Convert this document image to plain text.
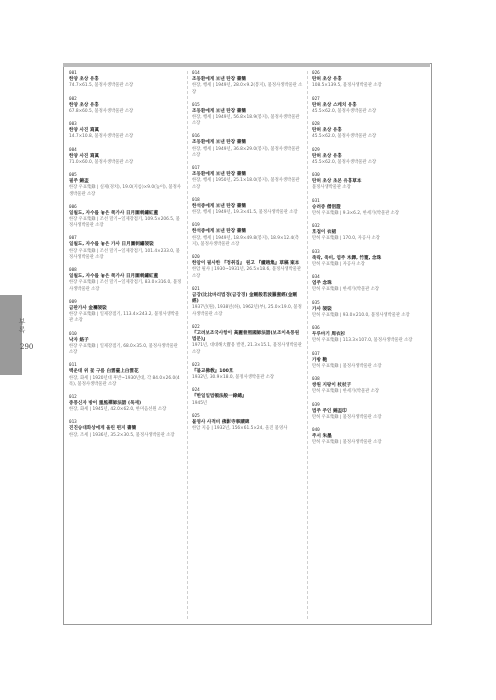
부록
290
001
한양 초상 유홍
74.7×61.5, 불정사생박물관 소장
002
한양 초상 유홍
67.8×60.5, 불정사생박물관 소장
003
한양 사진 寫眞
14.7×10.8, 불정사생박물관 소장
004
한양 사진 寫眞
71.0×60.0, 불정사생박물관 소장
005
필주 錦盃
한장 우표集錄 | 실제(경치), 19.0(지름)×9.0(높이), 불정사생박물관 소장
006
일월도, 자수를 놓은 쪽가사 日月圖刺繡紅蓋
한장 우표集錄 | 조선 말기~일제강점기, 109.5×206.5, 불정사생박물관 소장
007
일월도, 자수를 놓은 가사 日月圖刺繡袈裟
한장 우표集錄 | 조선 말기~일제강점기, 101.4×233.0, 불정사생박물관 소장
008
일월도, 자수를 놓은 쪽가사 日月圖刺繡紅蓋
한장 우표集錄 | 조선 말기~일제강점기, 83.0×316.0, 불정사생박물관 소장
009
금판가사 金襴袈裟
한장 우표集錄 | 일제강점기, 113.4×243.2, 불정사생박물관 소장
010
낙자 絡子
한장 우표集錄 | 일제강점기, 68.0×35.0, 불정사생박물관 소장
011
백운대 위 꽃 구름 白雲臺上白雲花
한장, 화세 | 1920년대 후반~1930년대, 각 84.0×26.0(4폭), 불정사생박물관 소장
012
중풍신자 방어 重風禪師法語 (목재)
한장, 화세 | 1945년, 42.0×62.0, 한미음선원 소장
013
진진승대화상에게 올린 편지 書簡
한장, 조세 | 1936년, 35.2×30.5, 불정사생박물관 소장
014
조동환에게 보낸 탄장 書簡
한장, 행세 | 1949년, 28.0×9.2(봉지), 불정사생박물관 소장
015
조동환에게 보낸 탄장 書簡
한장, 행세 | 1949년, 56.8×18.9(봉지), 불정사생박물관 소장
016
조동환에게 보낸 탄장 書簡
한장, 행세 | 1949년, 36.8×29.0(봉지), 불정사생박물관 소장
017
조동환에게 보낸 탄장 書簡
한장, 행세 | 1950년, 25.1×18.0(봉지), 불정사생박물관 소장
018
한석중에게 보낸 탄장 書簡
한장, 행세 | 1949년, 19.3×41.5, 불정사생박물관 소장
019
한석중에게 보낸 탄장 書簡
한장, 행세 | 1949년, 18.9×49.8(봉지), 18.9×12.4(측지), 불정사생박물관 소장
020
한암이 필사한 『정취집』 원고 『續趙集』草稿 案本
한암 필사 | 1930~1931년, 26.5×18.6, 불정사생박물관 소장
021
금강(比比바리법경(금강경) 金剛般若波羅蜜經(金剛經)
1937년(원), 1938년(하), 1962년(부), 25.0×19.0, 불정사생박물관 소장
022
『고려보조국사항이 高麗普照國師法語(보조이옥풍원법문)』
1971년, 대대해大寶용 발전, 21.3×15.1, 불정사생박물관 소장
023
『불교佛敎』100호
1932년, 30.9×18.0, 불정사생박물관 소장
024
『한일일법頓法般一錄總』
1945년
025
불영사 사적비 佛影寺事蹟碑
한암 지음 | 1932년, 156×61.5×24, 울진 불영사
026
탄허 초상 유홍
108.5×139.5, 불정사생박물관 소장
027
탄허 초상 스케치 유홍
45.5×62.0, 불정사생박물관 소장
028
탄허 초상 유홍
45.5×62.0, 불정사생박물관 소장
029
탄허 초상 유홍
45.5×62.0, 불정사생박물관 소장
030
탄허 초상 초본 유홍草本
불정사생박물관 소장
031
승려증 僧侶證
탄허 우표集錄 | 9.3×6.2, 한세가(박물관 소장
032
호접이 衣裙
탄허 우표集錄 | 170.0, 자공사 소장
033
죽락, 죽비, 염주 木鐸, 竹篦, 念珠
탄허 우표集錄 | 자공사 소장
034
염주 念珠
탄허 우표集錄 | 한세가(박물관 소장
035
가사 袈裟
탄허 우표集錄 | 93.0×210.0, 불정사생박물관 소장
036
두루마기 周衣衫
탄허 우표集錄 | 113.3×107.0, 불정사생박물관 소장
037
가방 鞄
탄허 우표集錄 | 불정사생박물관 소장
038
쌍원 지팡이 杖杖子
탄허 우표集錄 | 한세가(박물관 소장
039
법주 주인 錦盃印
탄허 우표集錄 | 불정사생박물관 소장
040
주서 朱墨
탄허 우표集錄 | 불정사생박물관 소장
